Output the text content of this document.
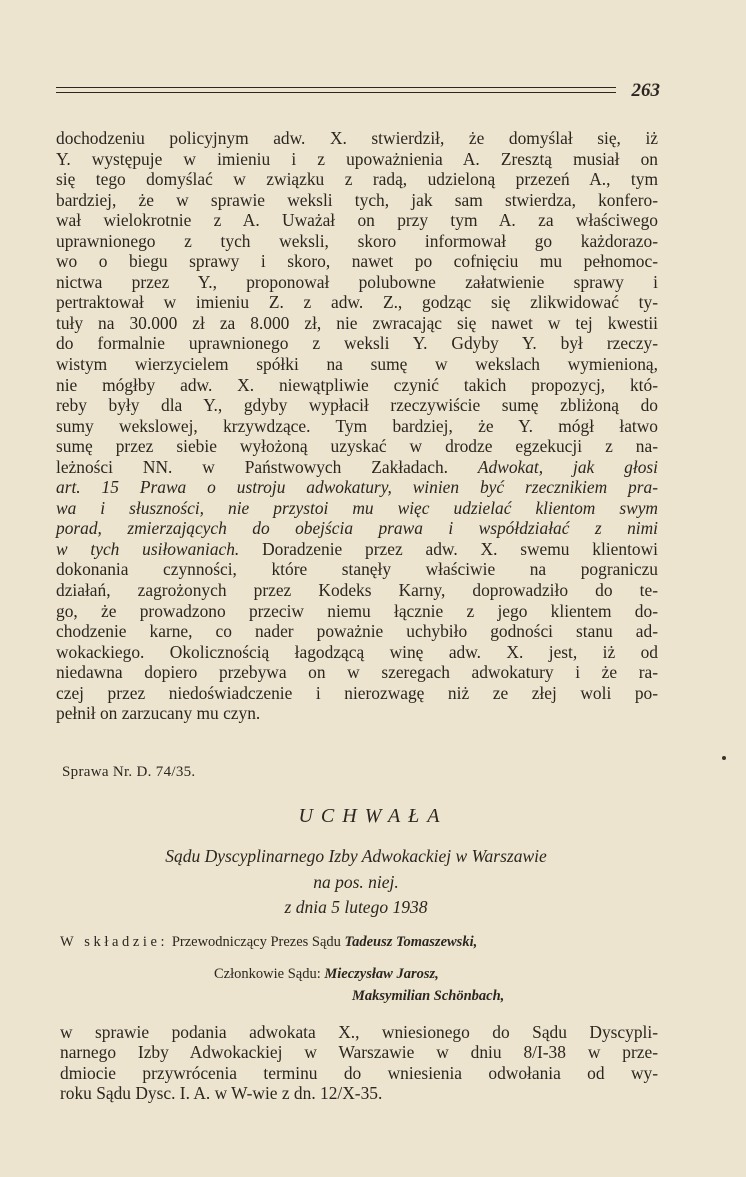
263
dochodzeniu policyjnym adw. X. stwierdził, że domyślał się, iż
Y. występuje w imieniu i z upoważnienia A. Zresztą musiał on
się tego domyślać w związku z radą, udzieloną przezeń A., tym
bardziej, że w sprawie weksli tych, jak sam stwierdza, konfero-
wał wielokrotnie z A. Uważał on przy tym A. za właściwego
uprawnionego z tych weksli, skoro informował go każdorazo-
wo o biegu sprawy i skoro, nawet po cofnięciu mu pełnomoc-
nictwa przez Y., proponował polubowne załatwienie sprawy i
pertraktował w imieniu Z. z adw. Z., godząc się zlikwidować ty-
tuły na 30.000 zł za 8.000 zł, nie zwracając się nawet w tej kwestii
do formalnie uprawnionego z weksli Y. Gdyby Y. był rzeczy-
wistym wierzycielem spółki na sumę w wekslach wymienioną,
nie mógłby adw. X. niewątpliwie czynić takich propozycj, któ-
reby były dla Y., gdyby wypłacił rzeczywiście sumę zbliżoną do
sumy wekslowej, krzywdzące. Tym bardziej, że Y. mógł łatwo
sumę przez siebie wyłożoną uzyskać w drodze egzekucji z na-
leżności NN. w Państwowych Zakładach. Adwokat, jak głosi
art. 15 Prawa o ustroju adwokatury, winien być rzecznikiem pra-
wa i słuszności, nie przystoi mu więc udzielać klientom swym
porad, zmierzających do obejścia prawa i współdziałać z nimi
w tych usiłowaniach. Doradzenie przez adw. X. swemu klientowi
dokonania czynności, które stanęły właściwie na pograniczu
działań, zagrożonych przez Kodeks Karny, doprowadziło do te-
go, że prowadzono przeciw niemu łącznie z jego klientem do-
chodzenie karne, co nader poważnie uchybiło godności stanu ad-
wokackiego. Okolicznością łagodzącą winę adw. X. jest, iż od
niedawna dopiero przebywa on w szeregach adwokatury i że ra-
czej przez niedoświadczenie i nierozwagę niż ze złej woli po-
pełnił on zarzucany mu czyn.
Sprawa Nr. D. 74/35.
UCHWAŁA
Sądu Dyscyplinarnego Izby Adwokackiej w Warszawie
na pos. niej.
z dnia 5 lutego 1938
W składzie: Przewodniczący Prezes Sądu Tadeusz Tomaszewski,
Członkowie Sądu: Mieczysław Jarosz,
Maksymilian Schönbach,
w sprawie podania adwokata X., wniesionego do Sądu Dyscypli-
narnego Izby Adwokackiej w Warszawie w dniu 8/I-38 w prze-
dmiocie przywrócenia terminu do wniesienia odwołania od wy-
roku Sądu Dysc. I. A. w W-wie z dn. 12/X-35.
